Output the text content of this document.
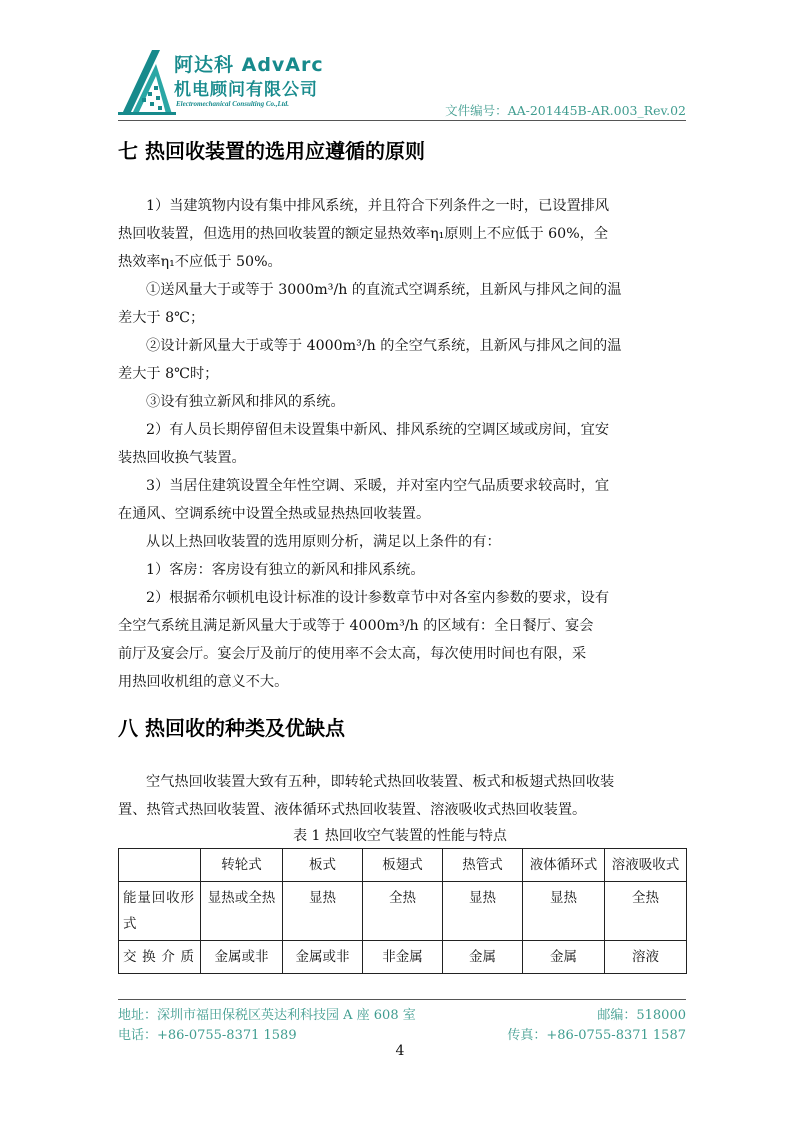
阿达科 AdvArc
机电顾问有限公司
Electromechanical Consulting Co.,Ltd.	文件编号：AA-201445B-AR.003_Rev.02
七 热回收装置的选用应遵循的原则
1）当建筑物内设有集中排风系统，并且符合下列条件之一时，已设置排风
热回收装置，但选用的热回收装置的额定显热效率η₁原则上不应低于 60%，全
热效率η₁不应低于 50%。
①送风量大于或等于 3000m³/h 的直流式空调系统，且新风与排风之间的温
差大于 8℃；
②设计新风量大于或等于 4000m³/h 的全空气系统，且新风与排风之间的温
差大于 8℃时；
③设有独立新风和排风的系统。
2）有人员长期停留但未设置集中新风、排风系统的空调区域或房间，宜安
装热回收换气装置。
3）当居住建筑设置全年性空调、采暖，并对室内空气品质要求较高时，宜
在通风、空调系统中设置全热或显热热回收装置。
从以上热回收装置的选用原则分析，满足以上条件的有：
1）客房：客房设有独立的新风和排风系统。
2）根据希尔顿机电设计标准的设计参数章节中对各室内参数的要求，设有
全空气系统且满足新风量大于或等于 4000m³/h 的区域有：全日餐厅、宴会
前厅及宴会厅。宴会厅及前厅的使用率不会太高，每次使用时间也有限，采
用热回收机组的意义不大。
八 热回收的种类及优缺点
空气热回收装置大致有五种，即转轮式热回收装置、板式和板翅式热回收装
置、热管式热回收装置、液体循环式热回收装置、溶液吸收式热回收装置。
表 1 热回收空气装置的性能与特点
	转轮式	板式	板翅式	热管式	液体循环式	溶液吸收式
能量回收形式	显热或全热	显热	全热	显热	显热	全热
交换介质	金属或非	金属或非	非金属	金属	金属	溶液
地址：深圳市福田保税区英达利科技园 A 座 608 室	邮编：518000
电话：+86-0755-8371 1589	传真：+86-0755-8371 1587
4
